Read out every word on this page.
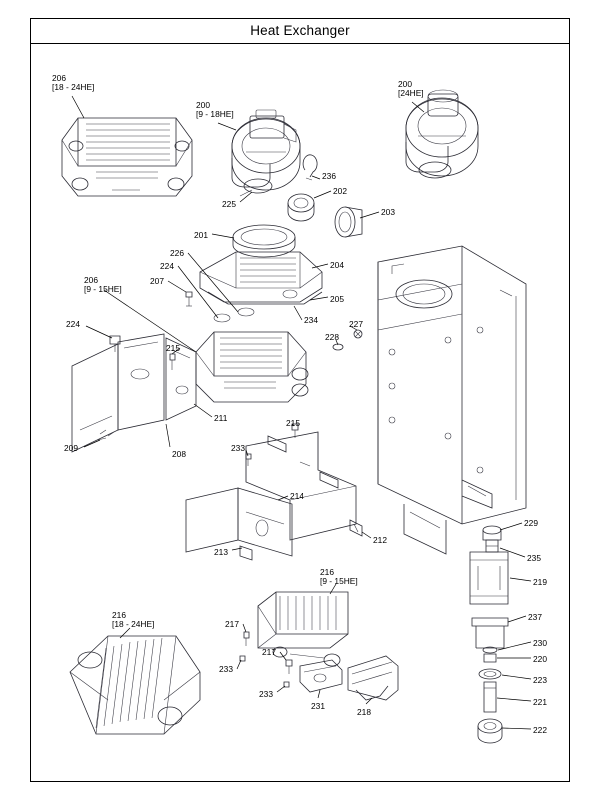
Heat Exchanger
206
[18 - 24HE]
200
[9 - 18HE]
200
[24HE]
236
202
225
203
201
204
226
224
207
206
[9 - 15HE]
205
234	227
228
224
215
211	215
208
209	233
214
212
213
229
235
219
237
230
220
223
221
222
216
[9 - 15HE]
217
217
233
233
231
218
216
[18 - 24HE]
